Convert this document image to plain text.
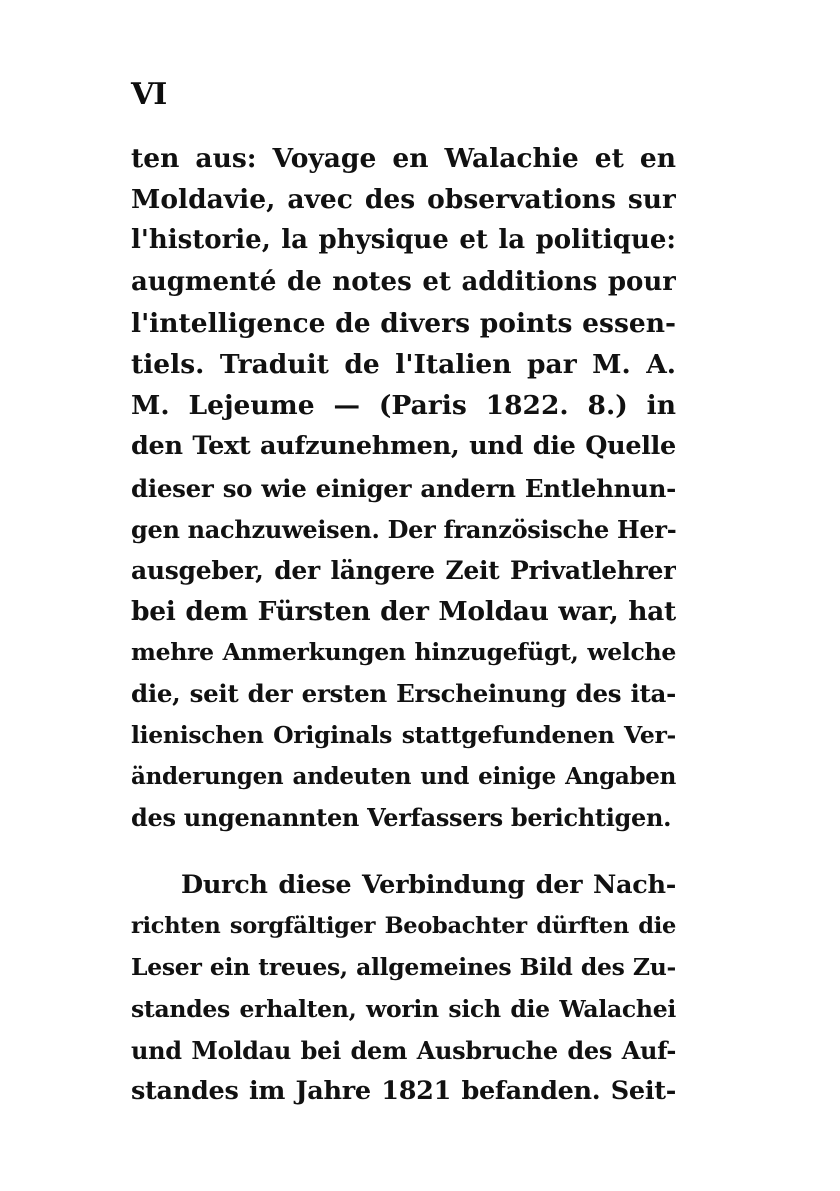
VI
ten aus: Voyage en Walachie et en
Moldavie, avec des observations sur
l'historie, la physique et la politique:
augmenté de notes et additions pour
l'intelligence de divers points essen-
tiels. Traduit de l'Italien par M. A.
M. Lejeume — (Paris 1822. 8.) in
den Text aufzunehmen, und die Quelle
dieser so wie einiger andern Entlehnun-
gen nachzuweisen. Der französische Her-
ausgeber, der längere Zeit Privatlehrer
bei dem Fürsten der Moldau war, hat
mehre Anmerkungen hinzugefügt, welche
die, seit der ersten Erscheinung des ita-
lienischen Originals stattgefundenen Ver-
änderungen andeuten und einige Angaben
des ungenannten Verfassers berichtigen.
Durch diese Verbindung der Nach-
richten sorgfältiger Beobachter dürften die
Leser ein treues, allgemeines Bild des Zu-
standes erhalten, worin sich die Walachei
und Moldau bei dem Ausbruche des Auf-
standes im Jahre 1821 befanden. Seit-
